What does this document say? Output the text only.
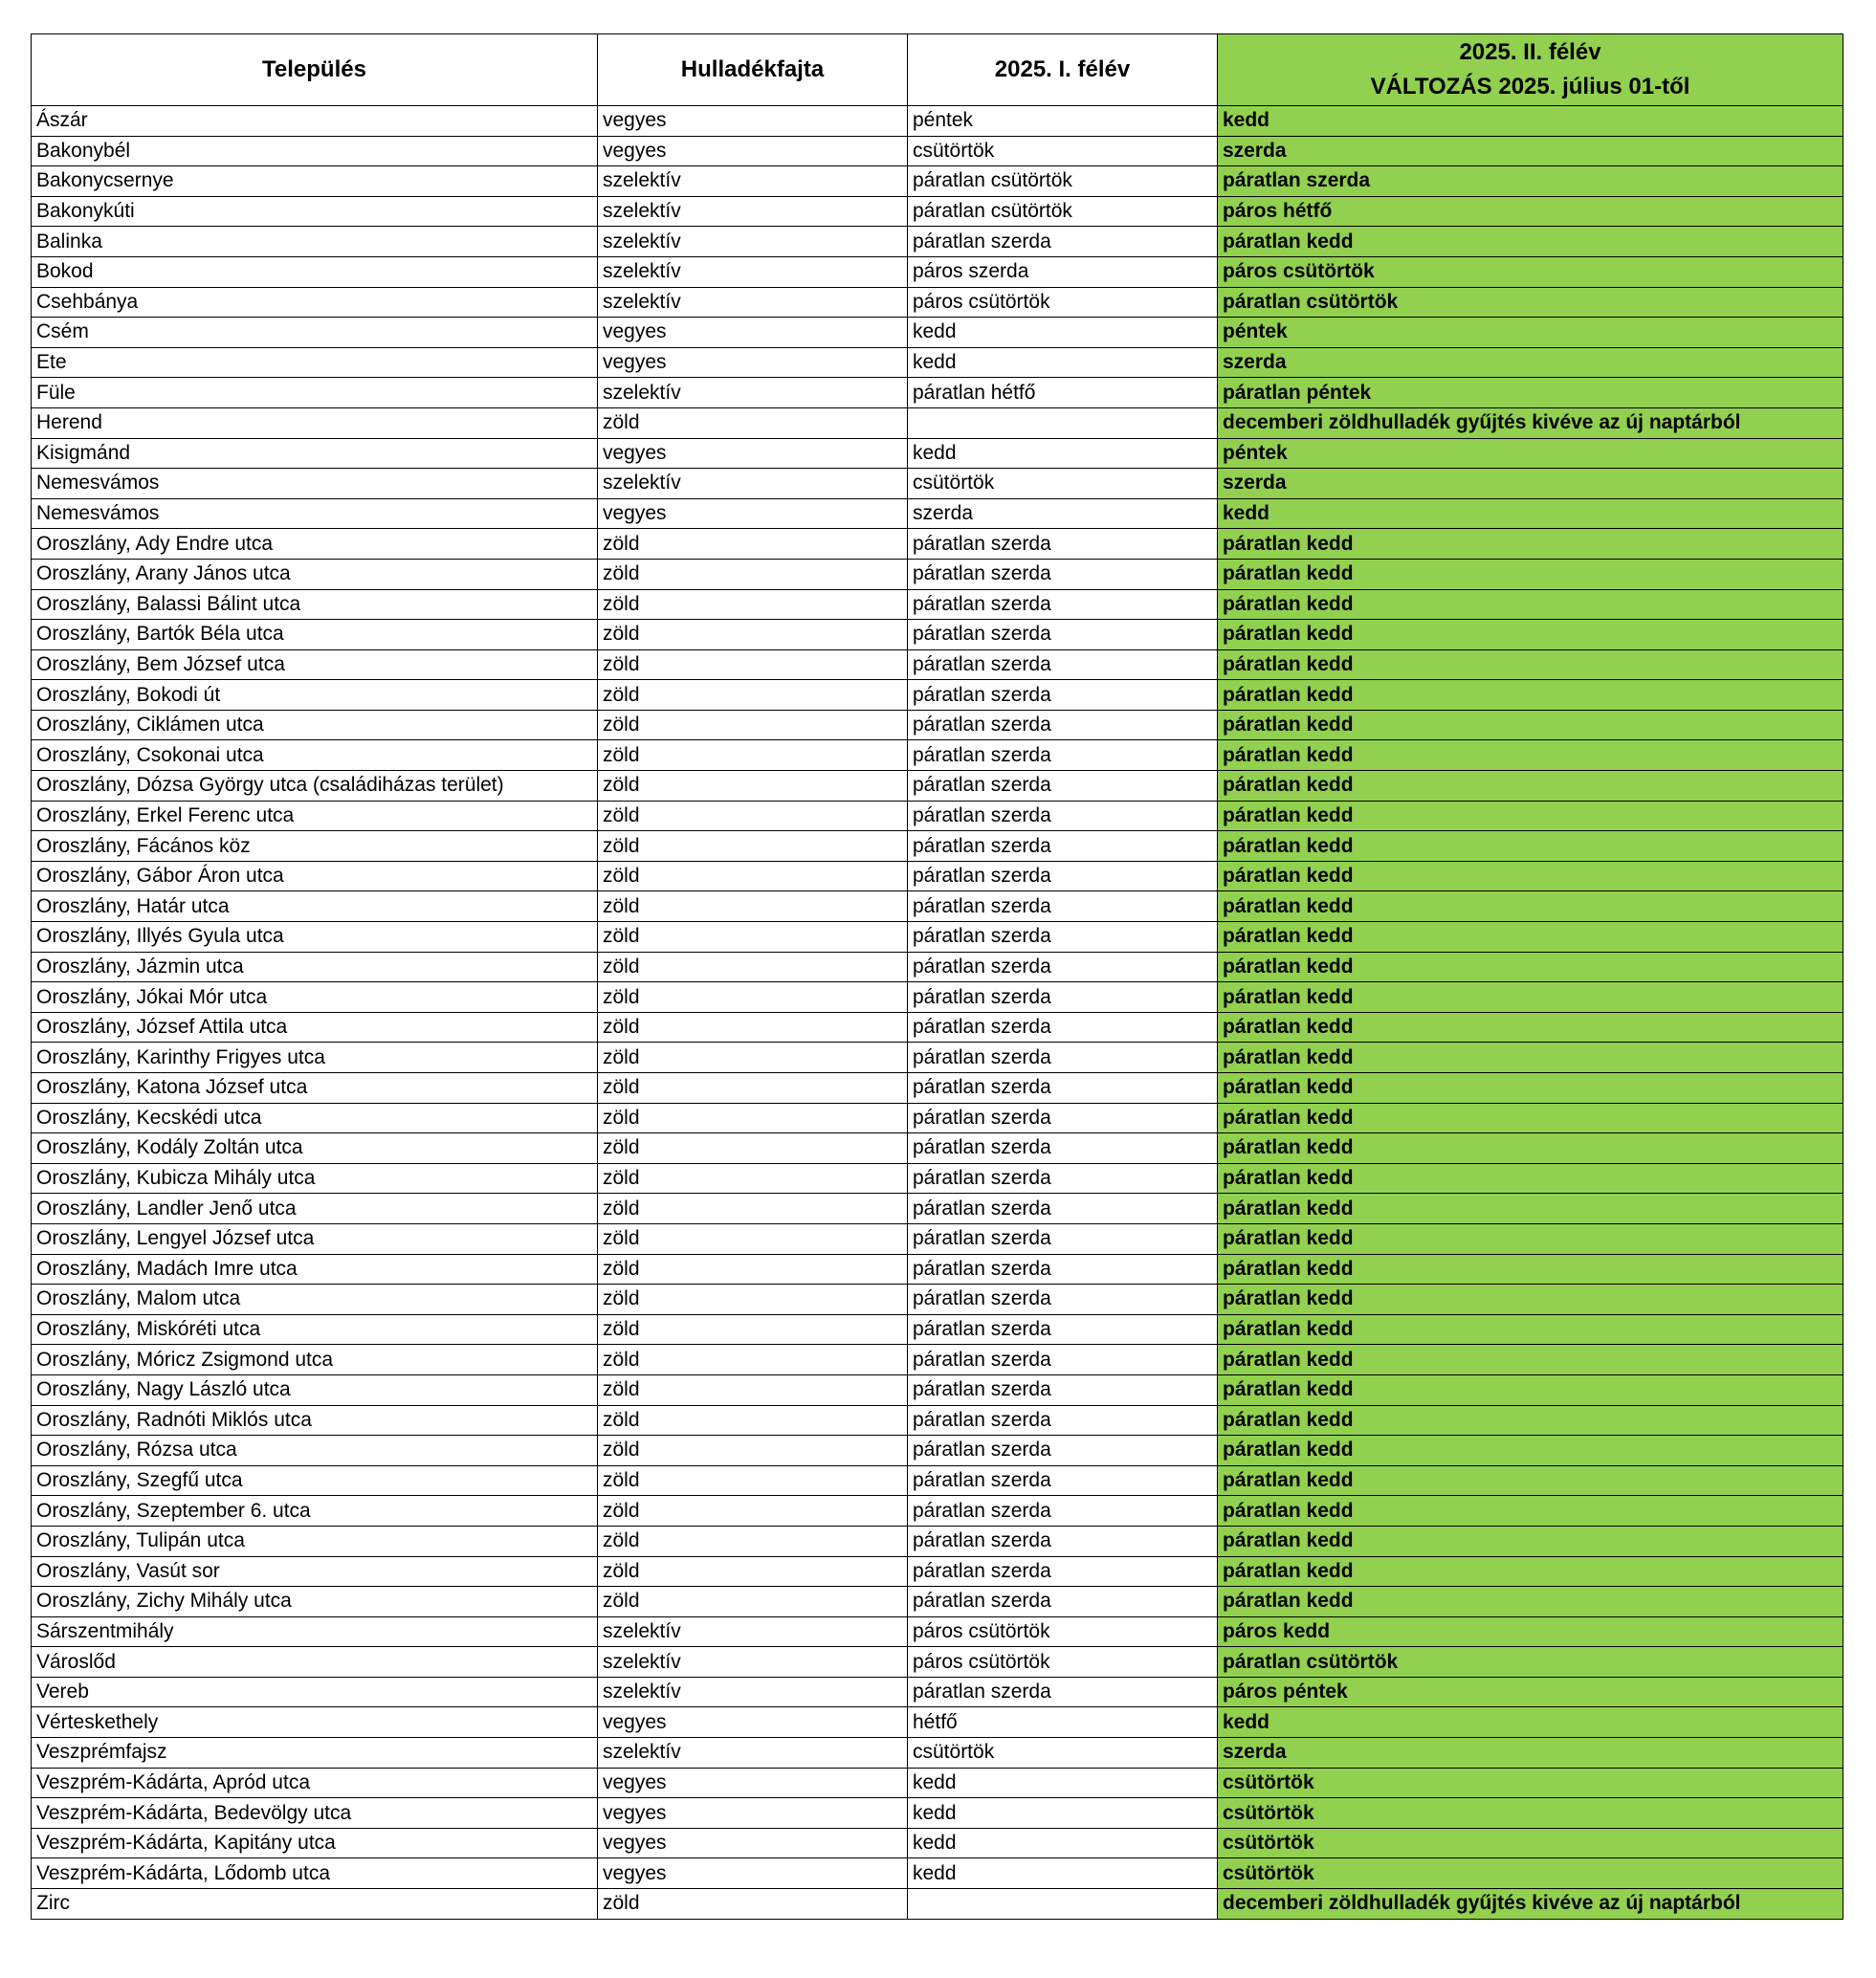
Település	Hulladékfajta	2025. I. félév	2025. II. félév
VÁLTOZÁS 2025. július 01-től

Ászár	vegyes	péntek	kedd
Bakonybél	vegyes	csütörtök	szerda
Bakonycsernye	szelektív	páratlan csütörtök	páratlan szerda
Bakonykúti	szelektív	páratlan csütörtök	páros hétfő
Balinka	szelektív	páratlan szerda	páratlan kedd
Bokod	szelektív	páros szerda	páros csütörtök
Csehbánya	szelektív	páros csütörtök	páratlan csütörtök
Csém	vegyes	kedd	péntek
Ete	vegyes	kedd	szerda
Füle	szelektív	páratlan hétfő	páratlan péntek
Herend	zöld		decemberi zöldhulladék gyűjtés kivéve az új naptárból
Kisigmánd	vegyes	kedd	péntek
Nemesvámos	szelektív	csütörtök	szerda
Nemesvámos	vegyes	szerda	kedd
Oroszlány, Ady Endre utca	zöld	páratlan szerda	páratlan kedd
Oroszlány, Arany János utca	zöld	páratlan szerda	páratlan kedd
Oroszlány, Balassi Bálint utca	zöld	páratlan szerda	páratlan kedd
Oroszlány, Bartók Béla utca	zöld	páratlan szerda	páratlan kedd
Oroszlány, Bem József utca	zöld	páratlan szerda	páratlan kedd
Oroszlány, Bokodi út	zöld	páratlan szerda	páratlan kedd
Oroszlány, Ciklámen utca	zöld	páratlan szerda	páratlan kedd
Oroszlány, Csokonai utca	zöld	páratlan szerda	páratlan kedd
Oroszlány, Dózsa György utca (családiházas terület)	zöld	páratlan szerda	páratlan kedd
Oroszlány, Erkel Ferenc utca	zöld	páratlan szerda	páratlan kedd
Oroszlány, Fácános köz	zöld	páratlan szerda	páratlan kedd
Oroszlány, Gábor Áron utca	zöld	páratlan szerda	páratlan kedd
Oroszlány, Határ utca	zöld	páratlan szerda	páratlan kedd
Oroszlány, Illyés Gyula utca	zöld	páratlan szerda	páratlan kedd
Oroszlány, Jázmin utca	zöld	páratlan szerda	páratlan kedd
Oroszlány, Jókai Mór utca	zöld	páratlan szerda	páratlan kedd
Oroszlány, József Attila utca	zöld	páratlan szerda	páratlan kedd
Oroszlány, Karinthy Frigyes utca	zöld	páratlan szerda	páratlan kedd
Oroszlány, Katona József utca	zöld	páratlan szerda	páratlan kedd
Oroszlány, Kecskédi utca	zöld	páratlan szerda	páratlan kedd
Oroszlány, Kodály Zoltán utca	zöld	páratlan szerda	páratlan kedd
Oroszlány, Kubicza Mihály utca	zöld	páratlan szerda	páratlan kedd
Oroszlány, Landler Jenő utca	zöld	páratlan szerda	páratlan kedd
Oroszlány, Lengyel József utca	zöld	páratlan szerda	páratlan kedd
Oroszlány, Madách Imre utca	zöld	páratlan szerda	páratlan kedd
Oroszlány, Malom utca	zöld	páratlan szerda	páratlan kedd
Oroszlány, Miskóréti utca	zöld	páratlan szerda	páratlan kedd
Oroszlány, Móricz Zsigmond utca	zöld	páratlan szerda	páratlan kedd
Oroszlány, Nagy László utca	zöld	páratlan szerda	páratlan kedd
Oroszlány, Radnóti Miklós utca	zöld	páratlan szerda	páratlan kedd
Oroszlány, Rózsa utca	zöld	páratlan szerda	páratlan kedd
Oroszlány, Szegfű utca	zöld	páratlan szerda	páratlan kedd
Oroszlány, Szeptember 6. utca	zöld	páratlan szerda	páratlan kedd
Oroszlány, Tulipán utca	zöld	páratlan szerda	páratlan kedd
Oroszlány, Vasút sor	zöld	páratlan szerda	páratlan kedd
Oroszlány, Zichy Mihály utca	zöld	páratlan szerda	páratlan kedd
Sárszentmihály	szelektív	páros csütörtök	páros kedd
Városlőd	szelektív	páros csütörtök	páratlan csütörtök
Vereb	szelektív	páratlan szerda	páros péntek
Vérteskethely	vegyes	hétfő	kedd
Veszprémfajsz	szelektív	csütörtök	szerda
Veszprém-Kádárta, Apród utca	vegyes	kedd	csütörtök
Veszprém-Kádárta, Bedevölgy utca	vegyes	kedd	csütörtök
Veszprém-Kádárta, Kapitány utca	vegyes	kedd	csütörtök
Veszprém-Kádárta, Lődomb utca	vegyes	kedd	csütörtök
Zirc	zöld		decemberi zöldhulladék gyűjtés kivéve az új naptárból
